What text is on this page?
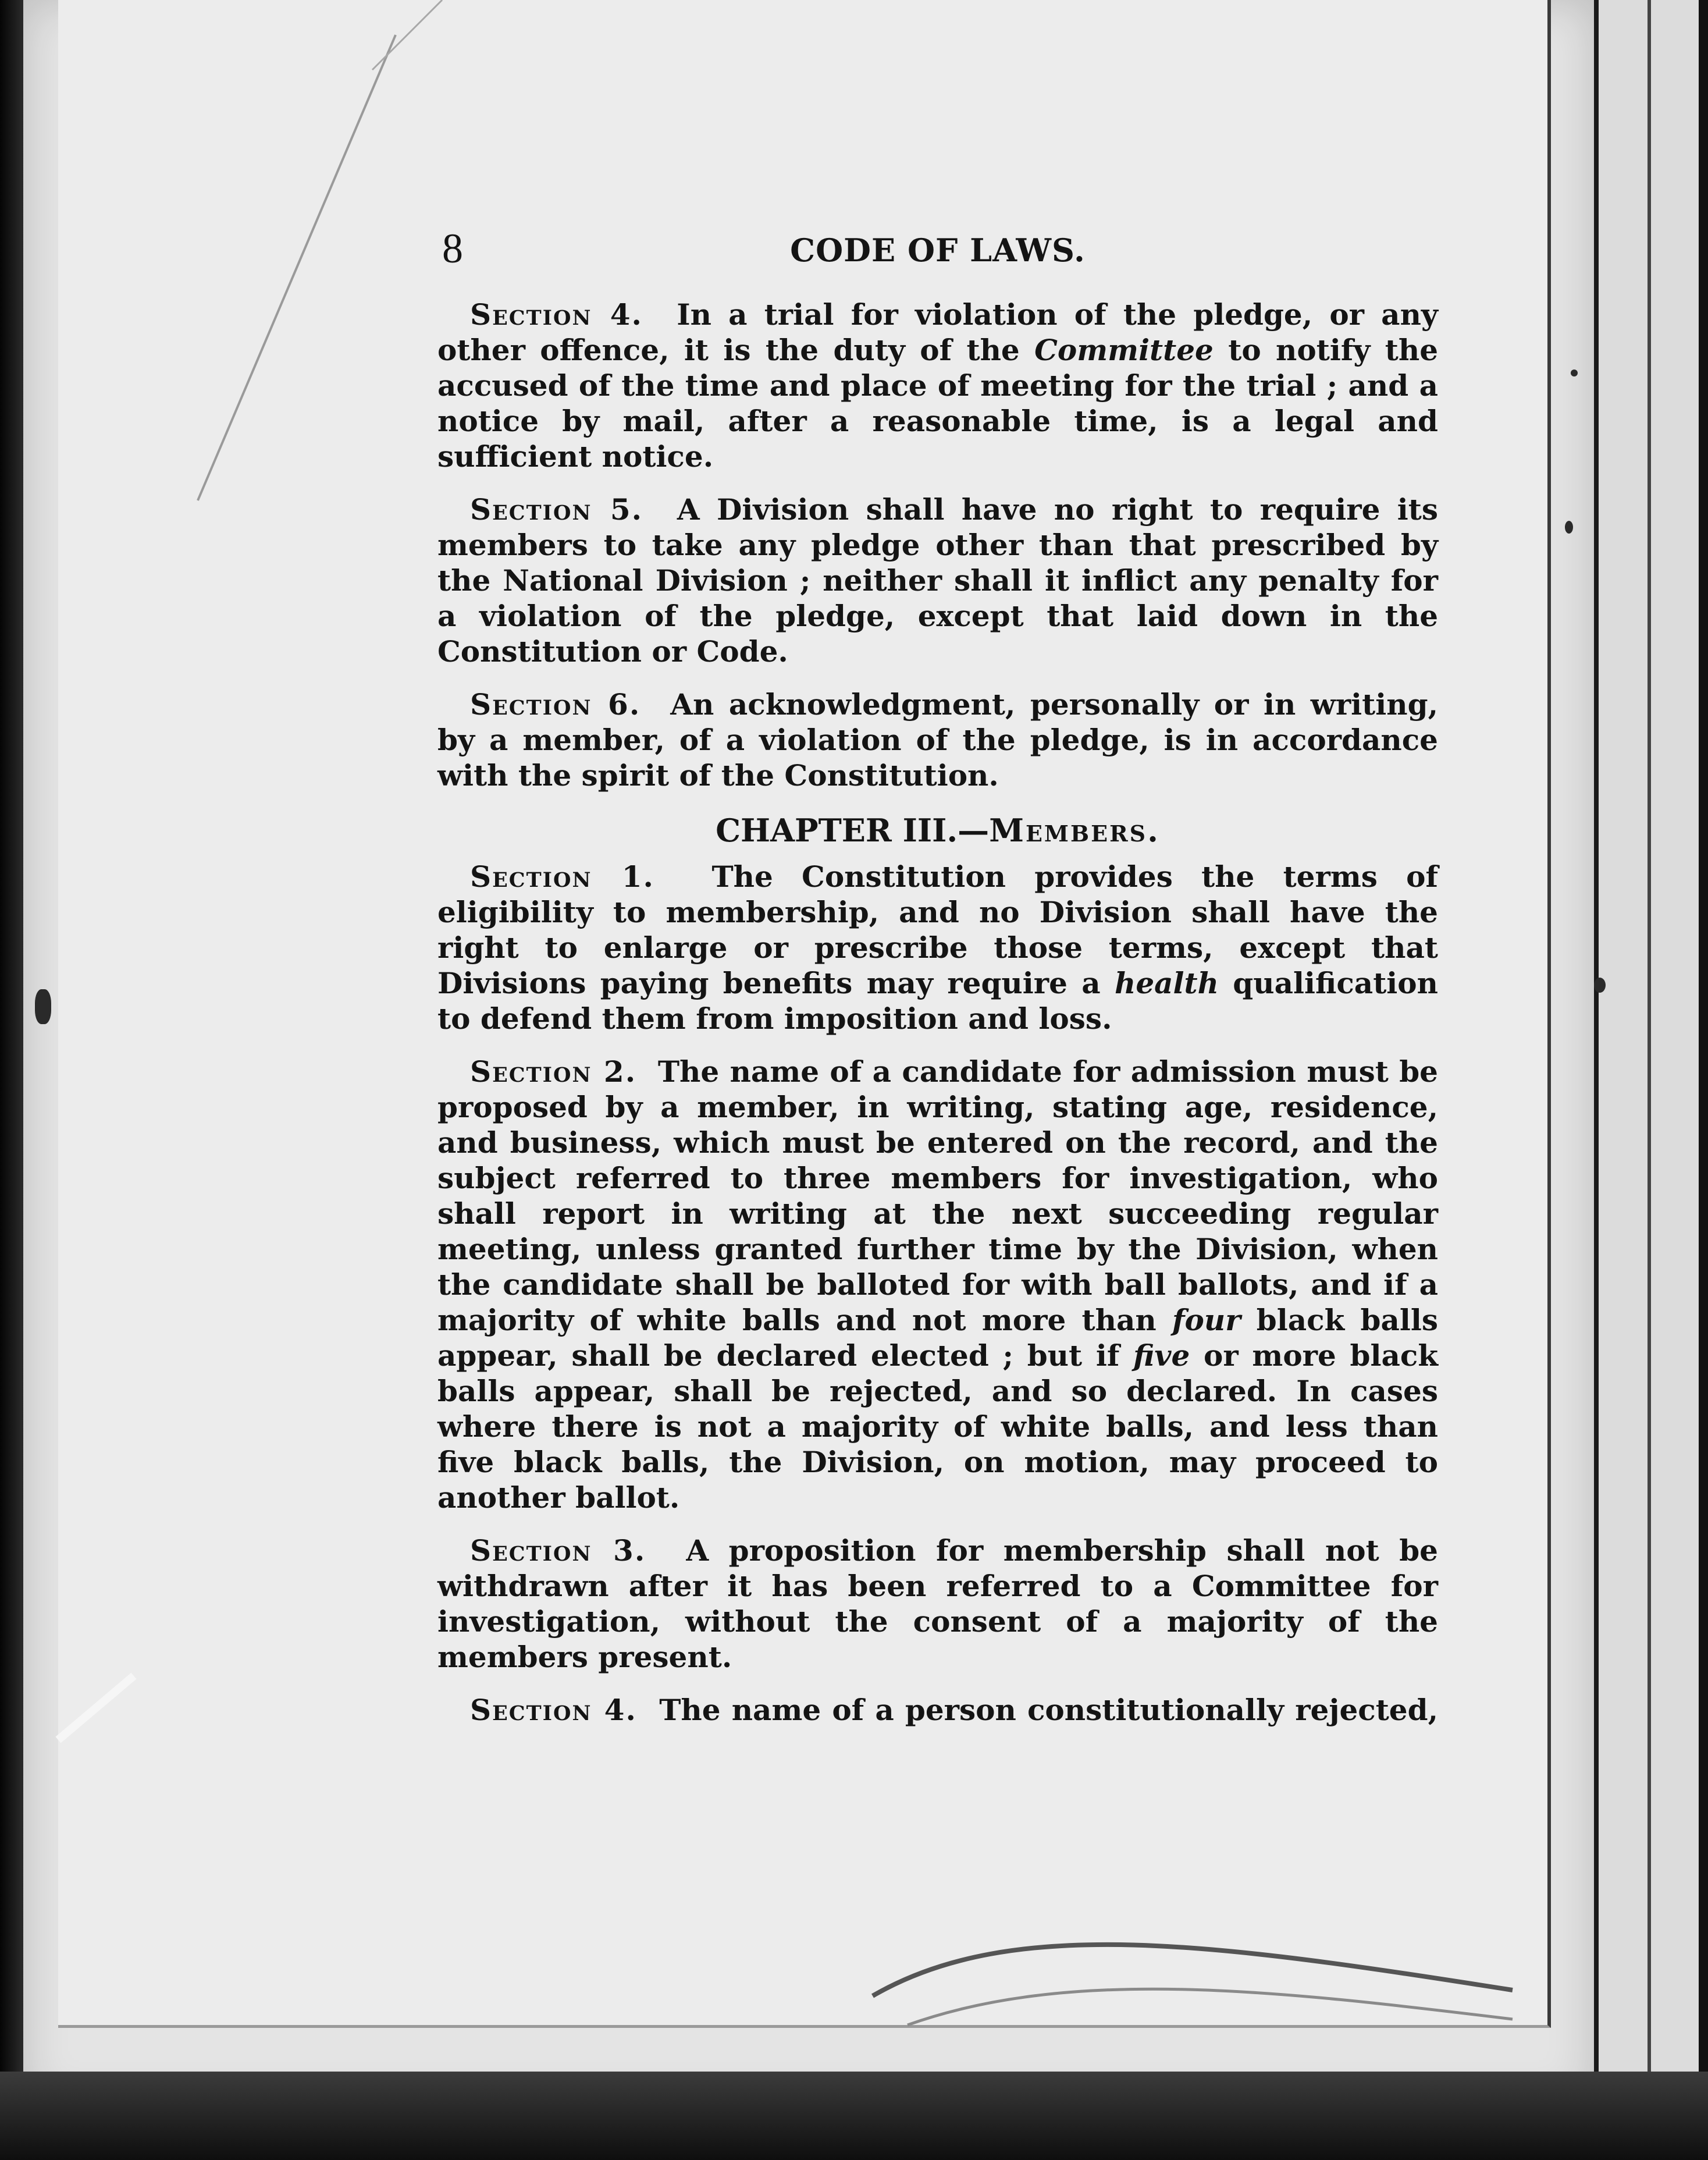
8	CODE OF LAWS.

Section 4. In a trial for violation of the pledge, or any other offence, it is the duty of the Committee to notify the accused of the time and place of meeting for the trial ; and a notice by mail, after a reasonable time, is a legal and sufficient notice.

Section 5. A Division shall have no right to require its members to take any pledge other than that prescribed by the National Division ; neither shall it inflict any penalty for a violation of the pledge, except that laid down in the Constitution or Code.

Section 6. An acknowledgment, personally or in writing, by a member, of a violation of the pledge, is in accordance with the spirit of the Constitution.

CHAPTER III.—Members.

Section 1. The Constitution provides the terms of eligibility to membership, and no Division shall have the right to enlarge or prescribe those terms, except that Divisions paying benefits may require a health qualification to defend them from imposition and loss.

Section 2. The name of a candidate for admission must be proposed by a member, in writing, stating age, residence, and business, which must be entered on the record, and the subject referred to three members for investigation, who shall report in writing at the next succeeding regular meeting, unless granted further time by the Division, when the candidate shall be balloted for with ball ballots, and if a majority of white balls and not more than four black balls appear, shall be declared elected ; but if five or more black balls appear, shall be rejected, and so declared. In cases where there is not a majority of white balls, and less than five black balls, the Division, on motion, may proceed to another ballot.

Section 3. A proposition for membership shall not be withdrawn after it has been referred to a Committee for investigation, without the consent of a majority of the members present.

Section 4. The name of a person constitutionally rejected,
